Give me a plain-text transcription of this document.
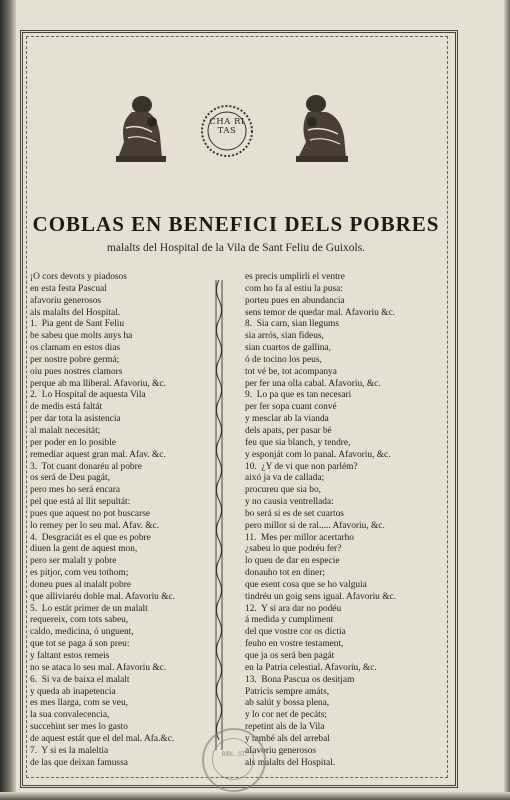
CHA RI TAS
COBLAS EN BENEFICI DELS POBRES
malalts del Hospital de la Vila de Sant Feliu de Guixols.
¡O cors devots y piadosos
en esta festa Pascual
afavoriu generosos
als malalts del Hospital.
1.  Pia gent de Sant Feliu
be sabeu que molts anys ha
os clamam en estos dias
per nostre pobre germá;
oiu pues nostres clamors
perque ab ma lliberal. Afavoriu, &c.
2.  Lo Hospital de aquesta Vila
de medis está faltát
per dar tota la asistencia
al malalt necesitát;
per poder en lo posible
remediar aquest gran mal. Afav. &c.
3.  Tot cuant donaréu al pobre
os será de Deu pagát,
pero mes ho será encara
pel que está al llit sepultát:
pues que aquest no pot buscarse
lo remey per lo seu mal. Afav. &c.
4.  Desgraciát es el que es pobre
diuen la gent de aquest mon,
pero ser malalt y pobre
es pitjor, com veu tothom;
doneu pues al malalt pobre
que alliviaréu doble mal. Afavoriu &c.
5.  Lo estát primer de un malalt
requereix, com tots sabeu,
caldo, medicina, ó unguent,
que tot se paga á son preu:
y faltant estos remeis
no se ataca lo seu mal. Afavoriu &c.
6.  Si va de baixa el malalt
y queda ab inapetencia
es mes llarga, com se veu,
la sua convalecencia,
succehint ser mes lo gasto
de aquest estát que el del mal. Afa.&c.
7.  Y si es la maleltia
de las que deixan famussa
es precis umplirli el ventre
com ho fa al estiu la pusa:
porteu pues en abundancia
sens temor de quedar mal. Afavoriu &c.
8.  Sia carn, sian llegums
sia arrós, sian fideus,
sian cuartos de gallina,
ó de tocino los peus,
tot vé be, tot acompanya
per fer una olla cabal. Afavoriu, &c.
9.  Lo pa que es tan necesari
per fer sopa cuant convé
y mesclar ab la vianda
dels apats, per pasar bé
feu que sia blanch, y tendre,
y esponját com lo panal. Afavoriu, &c.
10.  ¿Y de vi que non parlém?
aixó ja va de callada;
procureu que sia bo,
y no causia ventrellada:
bo será si es de set cuartos
pero millor si de ral..... Afavoriu, &c.
11.  Mes per millor acertarho
¿sabeu lo que podréu fer?
lo queu de dar en especie
donauho tot en diner;
que esent cosa que se ho valguia
tindréu un goig sens igual. Afavoriu &c.
12.  Y si ara dar no podéu
á medida y cumpliment
del que vostre cor os dictia
feuho en vostre testament,
que ja os será ben pagát
en la Patria celestial. Afavoriu, &c.
13.  Bona Pascua os desitjam
Patricis sempre amáts,
ab salút y bossa plena,
y lo cor net de pecáts;
repetint als de la Vila
y també als del arrebal
afavoriu generosos
als malalts del Hospital.
BIBL. ST.
